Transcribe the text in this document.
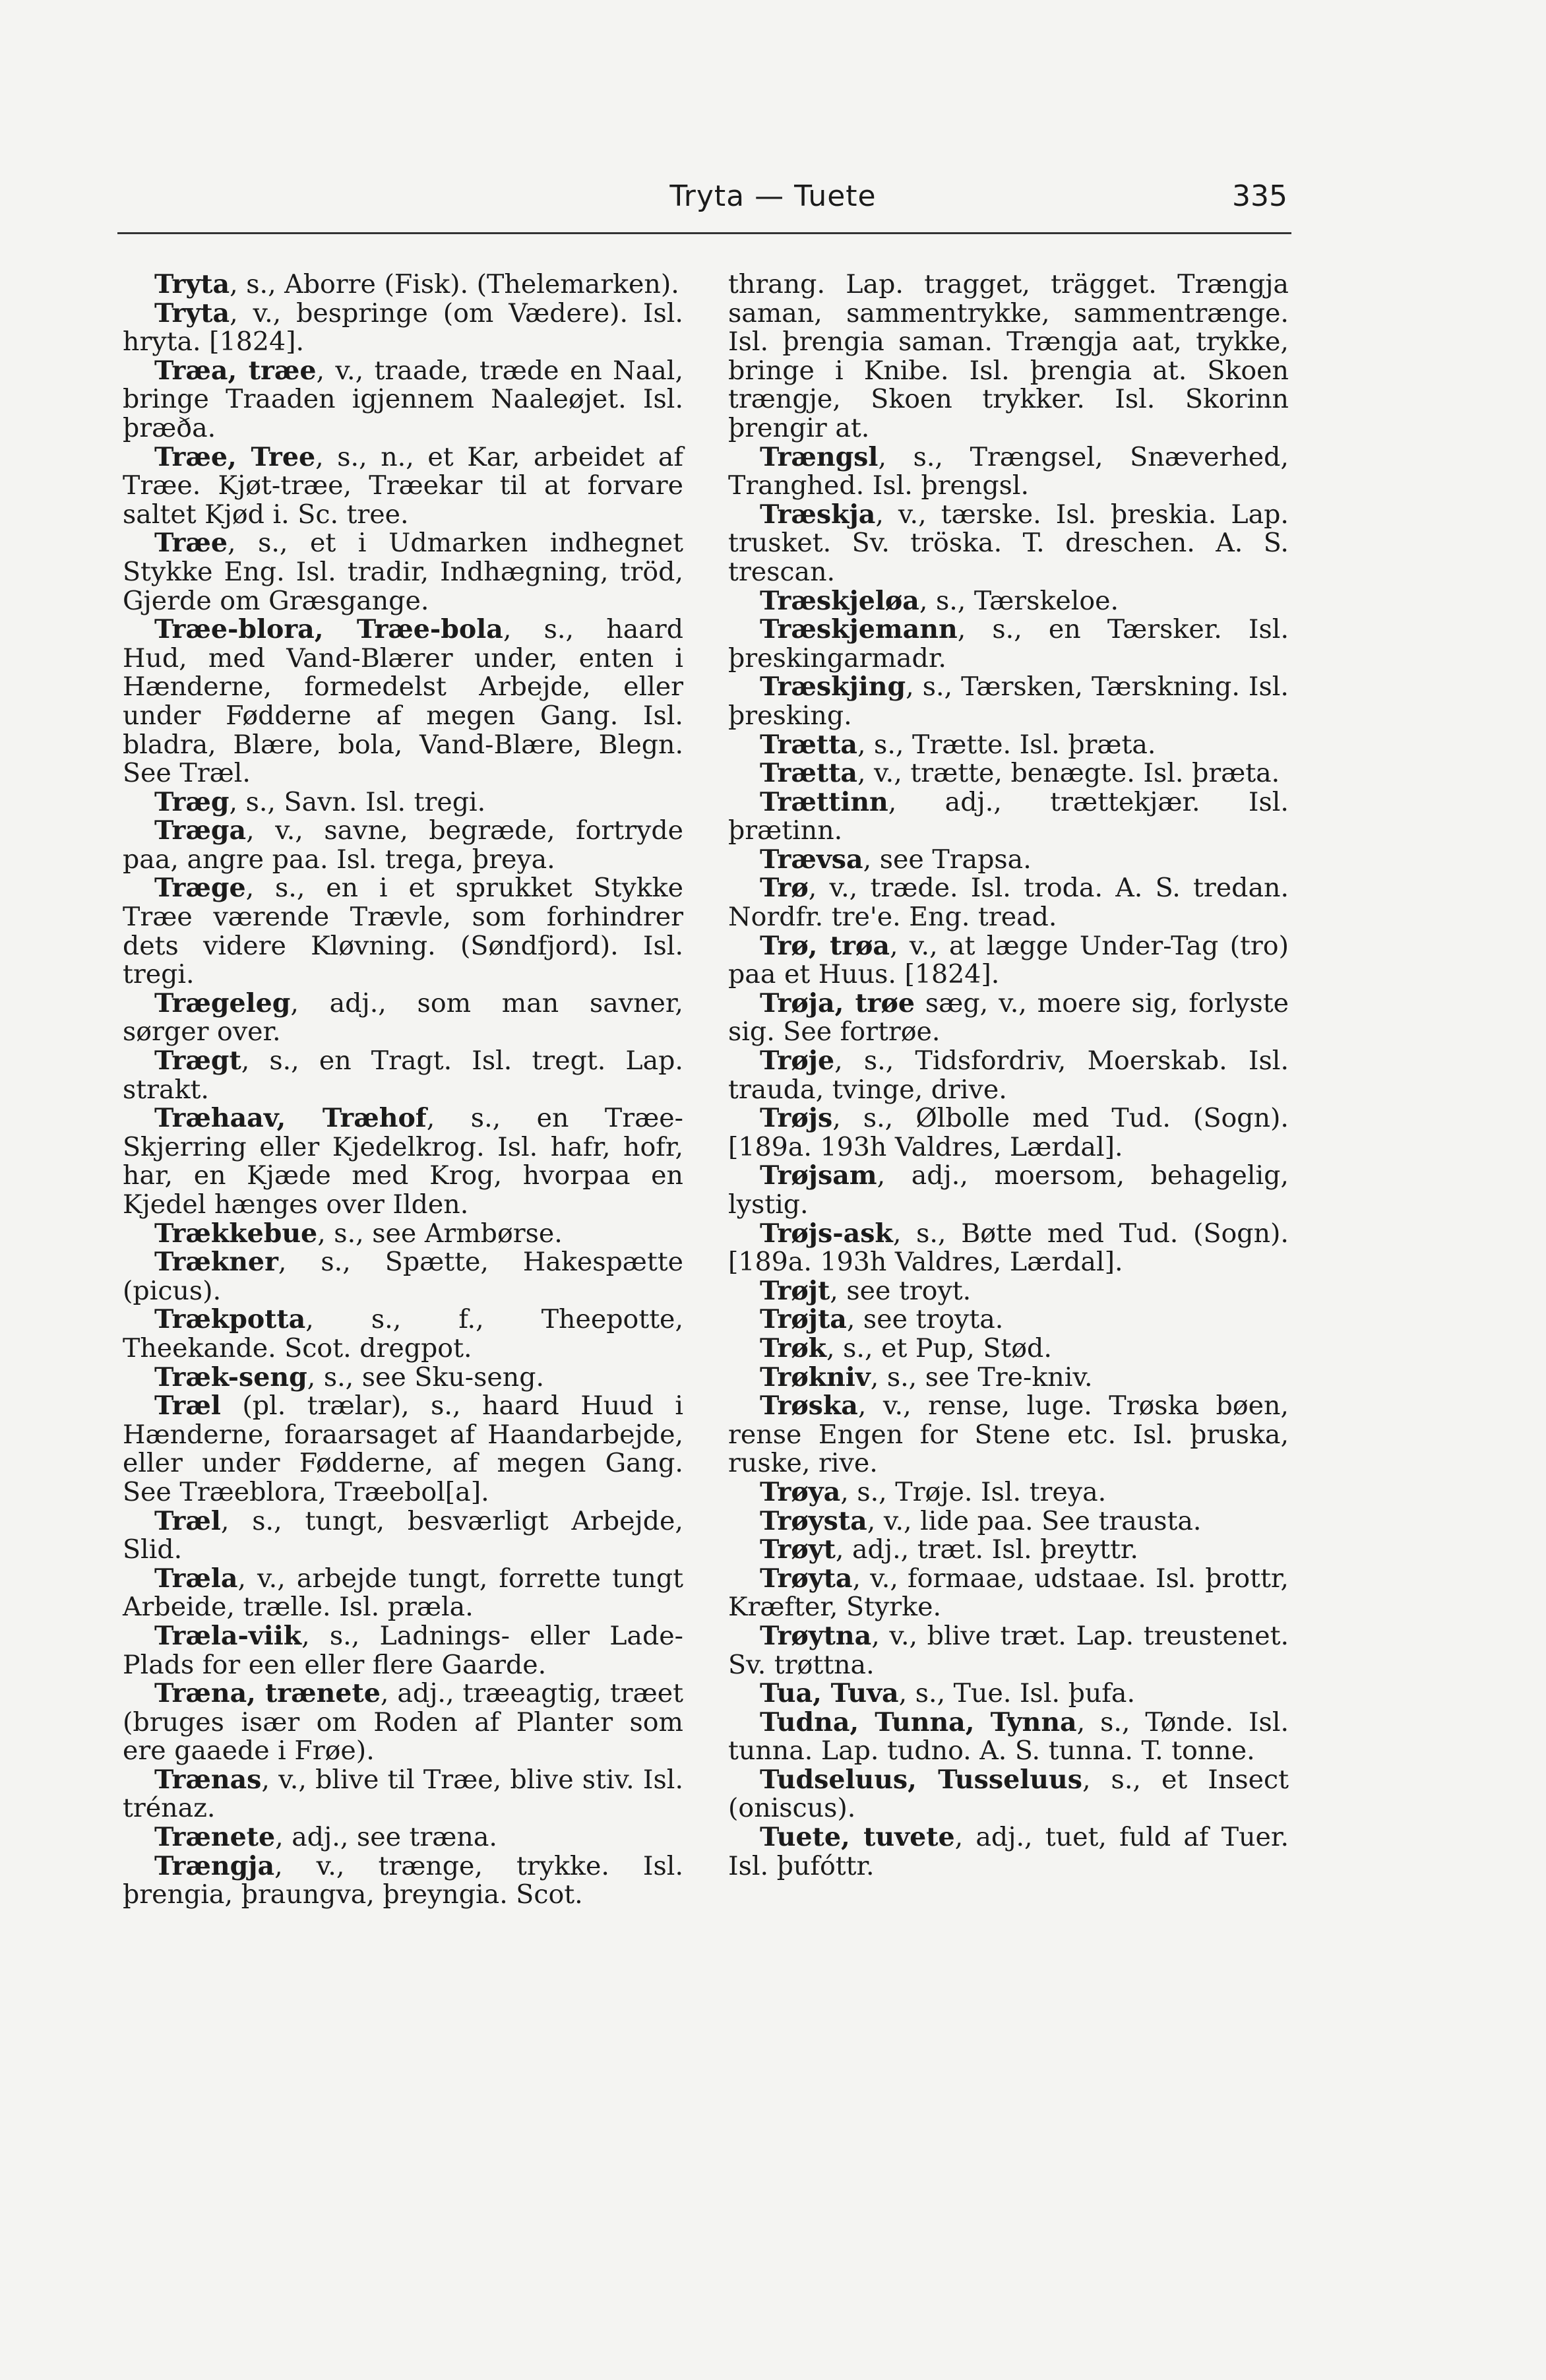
Tryta — Tuete	335

Tryta, s., Aborre (Fisk). (Thelemarken).

Tryta, v., bespringe (om Vædere). Isl. hryta. [1824].

Træa, træe, v., traade, træde en Naal, bringe Traaden igjennem Naaleøjet. Isl. þræða.

Træe, Tree, s., n., et Kar, arbeidet af Træe. Kjøt-træe, Træekar til at forvare saltet Kjød i. Sc. tree.

Træe, s., et i Udmarken indhegnet Stykke Eng. Isl. tradir, Indhægning, tröd, Gjerde om Græsgange.

Træe-blora, Træe-bola, s., haard Hud, med Vand-Blærer under, enten i Hænderne, formedelst Arbejde, eller under Fødderne af megen Gang. Isl. bladra, Blære, bola, Vand-Blære, Blegn. See Træl.

Træg, s., Savn. Isl. tregi.

Træga, v., savne, begræde, fortryde paa, angre paa. Isl. trega, þreya.

Træge, s., en i et sprukket Stykke Træe værende Trævle, som forhindrer dets videre Kløvning. (Søndfjord). Isl. tregi.

Trægeleg, adj., som man savner, sørger over.

Trægt, s., en Tragt. Isl. tregt. Lap. strakt.

Træhaav, Træhof, s., en Træe-Skjerring eller Kjedelkrog. Isl. hafr, hofr, har, en Kjæde med Krog, hvorpaa en Kjedel hænges over Ilden.

Trækkebue, s., see Armbørse.

Trækner, s., Spætte, Hakespætte (picus).

Trækpotta, s., f., Theepotte, Theekande. Scot. dregpot.

Træk-seng, s., see Sku-seng.

Træl (pl. trælar), s., haard Huud i Hænderne, foraarsaget af Haandarbejde, eller under Fødderne, af megen Gang. See Træeblora, Træebol[a].

Træl, s., tungt, besværligt Arbejde, Slid.

Træla, v., arbejde tungt, forrette tungt Arbeide, trælle. Isl. præla.

Træla-viik, s., Ladnings- eller Lade-Plads for een eller flere Gaarde.

Træna, trænete, adj., træeagtig, træet (bruges især om Roden af Planter som ere gaaede i Frøe).

Trænas, v., blive til Træe, blive stiv. Isl. trénaz.

Trænete, adj., see træna.

Trængja, v., trænge, trykke. Isl. þrengia, þraungva, þreyngia. Scot.

thrang. Lap. tragget, trägget. Trængja saman, sammentrykke, sammentrænge. Isl. þrengia saman. Trængja aat, trykke, bringe i Knibe. Isl. þrengia at. Skoen trængje, Skoen trykker. Isl. Skorinn þrengir at.

Trængsl, s., Trængsel, Snæverhed, Tranghed. Isl. þrengsl.

Træskja, v., tærske. Isl. þreskia. Lap. trusket. Sv. tröska. T. dreschen. A. S. trescan.

Træskjeløa, s., Tærskeloe.

Træskjemann, s., en Tærsker. Isl. þreskingarmadr.

Træskjing, s., Tærsken, Tærskning. Isl. þresking.

Trætta, s., Trætte. Isl. þræta.

Trætta, v., trætte, benægte. Isl. þræta.

Trættinn, adj., trættekjær. Isl. þrætinn.

Trævsa, see Trapsa.

Trø, v., træde. Isl. troda. A. S. tredan. Nordfr. tre'e. Eng. tread.

Trø, trøa, v., at lægge Under-Tag (tro) paa et Huus. [1824].

Trøja, trøe sæg, v., moere sig, forlyste sig. See fortrøe.

Trøje, s., Tidsfordriv, Moerskab. Isl. trauda, tvinge, drive.

Trøjs, s., Ølbolle med Tud. (Sogn). [189a. 193h Valdres, Lærdal].

Trøjsam, adj., moersom, behagelig, lystig.

Trøjs-ask, s., Bøtte med Tud. (Sogn). [189a. 193h Valdres, Lærdal].

Trøjt, see troyt.

Trøjta, see troyta.

Trøk, s., et Pup, Stød.

Trøkniv, s., see Tre-kniv.

Trøska, v., rense, luge. Trøska bøen, rense Engen for Stene etc. Isl. þruska, ruske, rive.

Trøya, s., Trøje. Isl. treyа.

Trøysta, v., lide paa. See trausta.

Trøyt, adj., træt. Isl. þreyttr.

Trøyta, v., formaae, udstaae. Isl. þrottr, Kræfter, Styrke.

Trøytna, v., blive træt. Lap. treustenet. Sv. trøttna.

Tua, Tuva, s., Tue. Isl. þufa.

Tudna, Tunna, Tynna, s., Tønde. Isl. tunna. Lap. tudno. A. S. tunna. T. tonne.

Tudseluus, Tusseluus, s., et Insect (oniscus).

Tuete, tuvete, adj., tuet, fuld af Tuer. Isl. þufóttr.
